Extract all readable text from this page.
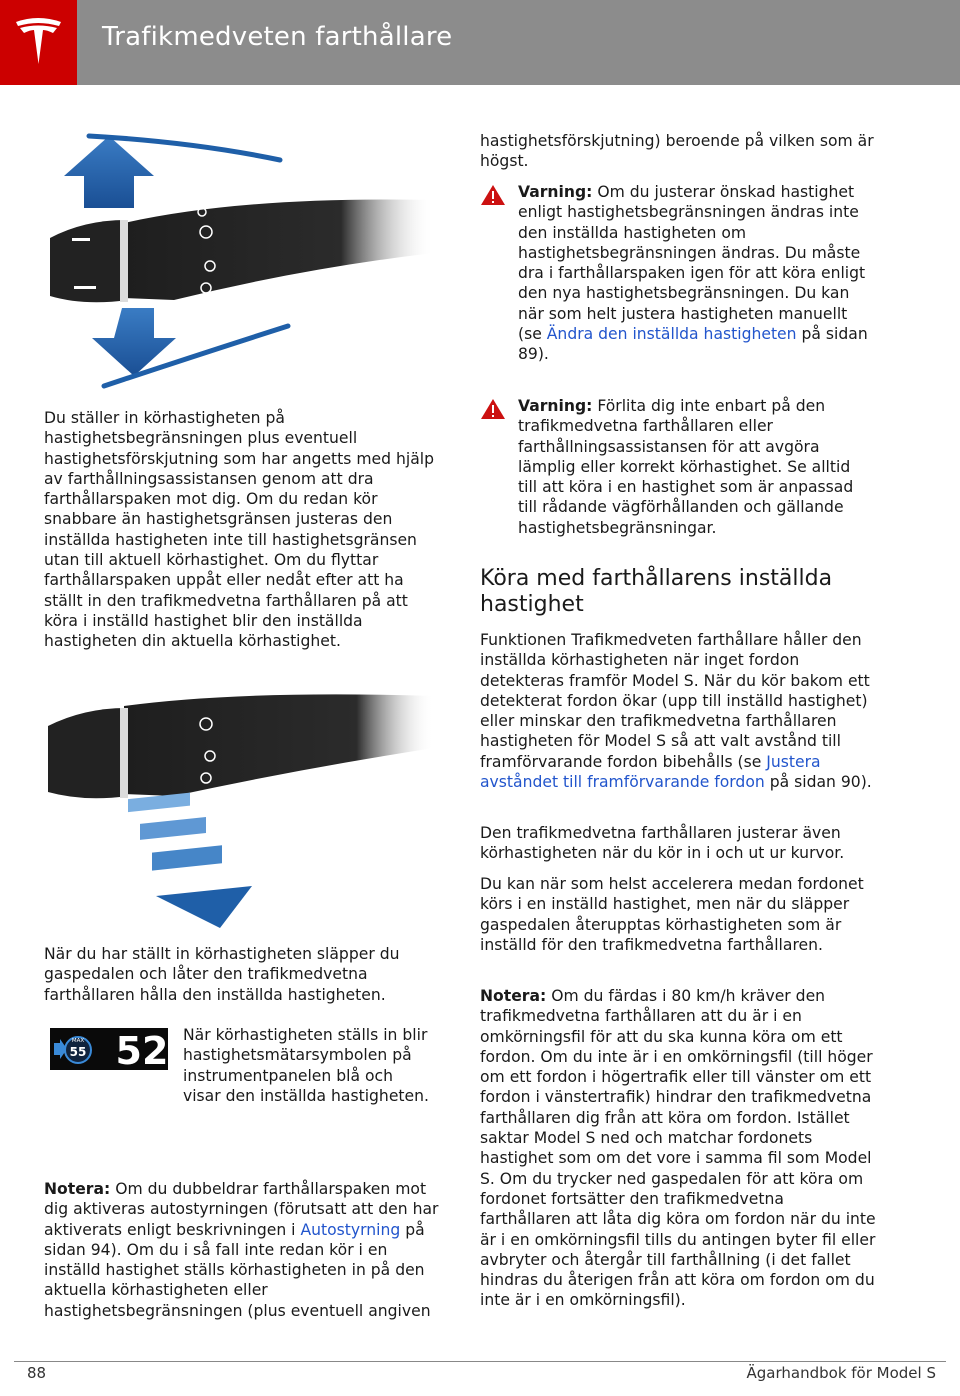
Trafikmedveten farthållare
Du ställer in körhastigheten på hastighetsbegränsningen plus eventuell hastighetsförskjutning som har angetts med hjälp av farthållningsassistansen genom att dra farthållarspaken mot dig. Om du redan kör snabbare än hastighetsgränsen justeras den inställda hastigheten inte till hastighetsgränsen utan till aktuell körhastighet. Om du flyttar farthållarspaken uppåt eller nedåt efter att ha ställt in den trafikmedvetna farthållaren på att köra i inställd hastighet blir den inställda hastigheten din aktuella körhastighet.
När du har ställt in körhastigheten släpper du gaspedalen och låter den trafikmedvetna farthållaren hålla den inställda hastigheten.
MAX
55 52 När körhastigheten ställs in blir hastighetsmätarsymbolen på instrumentpanelen blå och visar den inställda hastigheten.
Notera: Om du dubbeldrar farthållarspaken mot dig aktiveras autostyrningen (förutsatt att den har aktiverats enligt beskrivningen i Autostyrning på sidan 94). Om du i så fall inte redan kör i en inställd hastighet ställs körhastigheten in på den aktuella körhastigheten eller hastighetsbegränsningen (plus eventuell angiven
hastighetsförskjutning) beroende på vilken som är högst.
Varning: Om du justerar önskad hastighet enligt hastighetsbegränsningen ändras inte den inställda hastigheten om hastighetsbegränsningen ändras. Du måste dra i farthållarspaken igen för att köra enligt den nya hastighetsbegränsningen. Du kan när som helt justera hastigheten manuellt (se Ändra den inställda hastigheten på sidan 89).
Varning: Förlita dig inte enbart på den trafikmedvetna farthållaren eller farthållningsassistansen för att avgöra lämplig eller korrekt körhastighet. Se alltid till att köra i en hastighet som är anpassad till rådande vägförhållanden och gällande hastighetsbegränsningar.
Köra med farthållarens inställda hastighet
Funktionen Trafikmedveten farthållare håller den inställda körhastigheten när inget fordon detekteras framför Model S. När du kör bakom ett detekterat fordon ökar (upp till inställd hastighet) eller minskar den trafikmedvetna farthållaren hastigheten för Model S så att valt avstånd till framförvarande fordon bibehålls (se Justera avståndet till framförvarande fordon på sidan 90).
Den trafikmedvetna farthållaren justerar även körhastigheten när du kör in i och ut ur kurvor.
Du kan när som helst accelerera medan fordonet körs i en inställd hastighet, men när du släpper gaspedalen återupptas körhastigheten som är inställd för den trafikmedvetna farthållaren.
Notera: Om du färdas i 80 km/h kräver den trafikmedvetna farthållaren att du är i en omkörningsfil för att du ska kunna köra om ett fordon. Om du inte är i en omkörningsfil (till höger om ett fordon i högertrafik eller till vänster om ett fordon i vänstertrafik) hindrar den trafikmedvetna farthållaren dig från att köra om fordon. Istället saktar Model S ned och matchar fordonets hastighet som om det vore i samma fil som Model S. Om du trycker ned gaspedalen för att köra om fordonet fortsätter den trafikmedvetna farthållaren att låta dig köra om fordon när du inte är i en omkörningsfil tills du antingen byter fil eller avbryter och återgår till farthållning (i det fallet hindras du återigen från att köra om fordon om du inte är i en omkörningsfil).
88	Ägarhandbok för Model S
